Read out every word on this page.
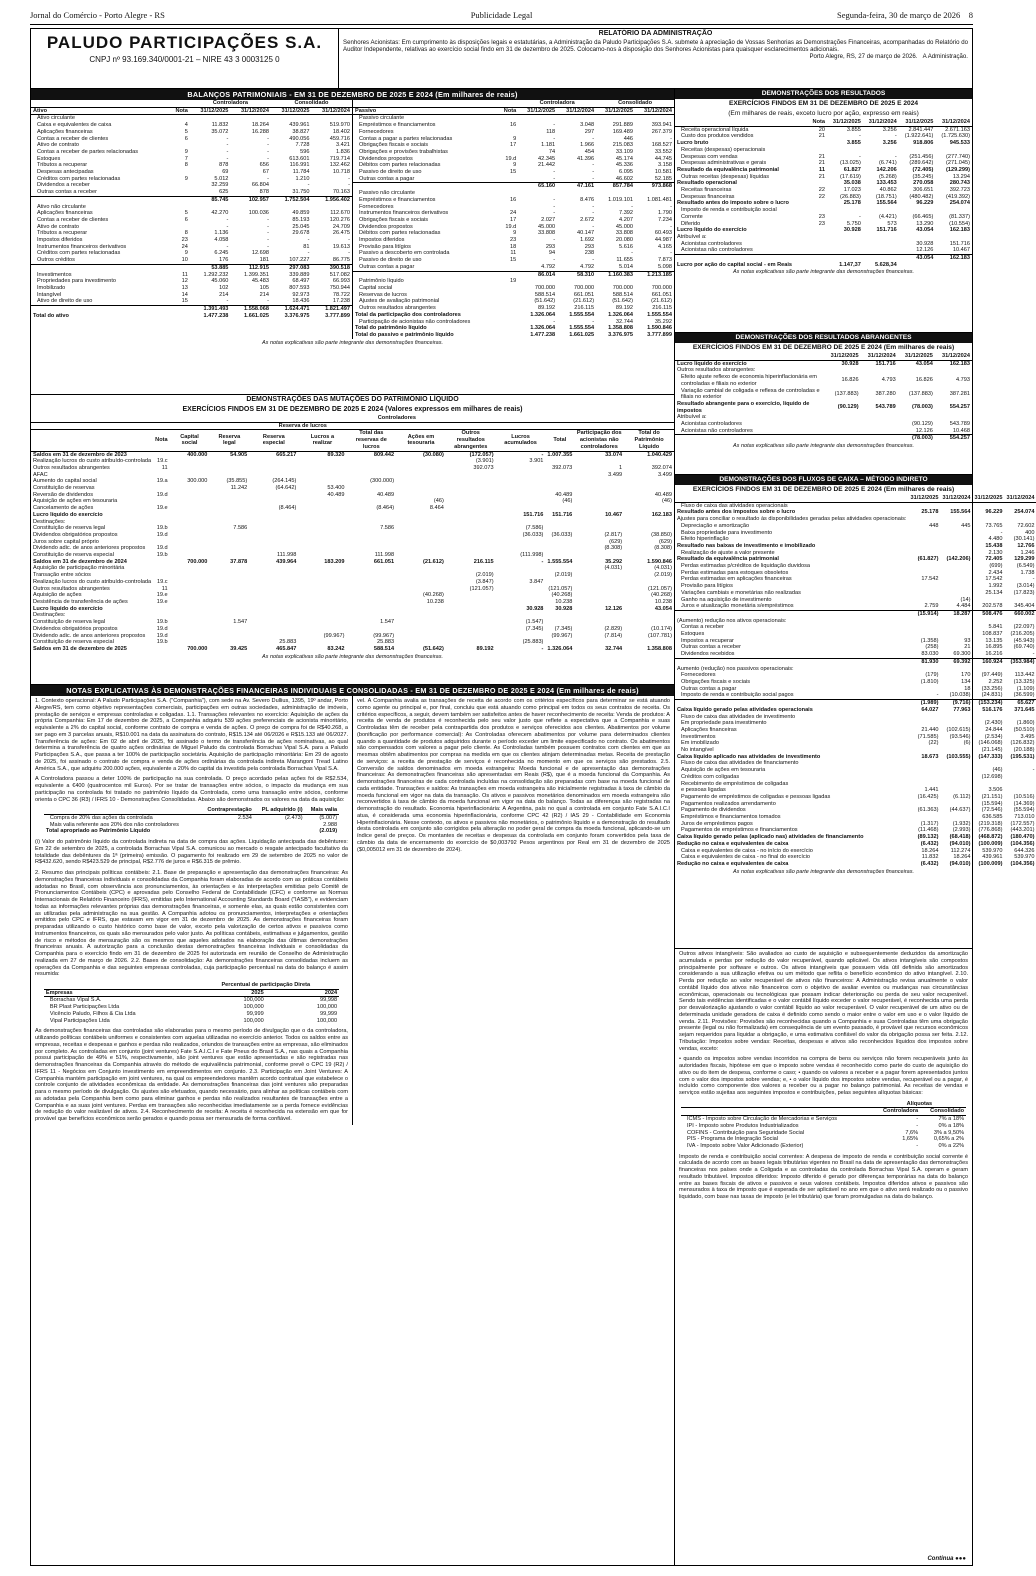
Jornal do Comércio - Porto Alegre - RS	Publicidade Legal	Segunda-feira, 30 de março de 2026 8
PALUDO PARTICIPAÇÕES S.A.
CNPJ nº 93.169.340/0001-21 – NIRE 43 3 0003125 0
RELATÓRIO DA ADMINISTRAÇÃO
Senhores Acionistas: Em cumprimento às disposições legais e estatutárias, a Administração da Paludo Participações S.A. submete à apreciação de Vossas Senhorias as Demonstrações Financeiras, acompanhadas do Relatório do Auditor Independente, relativas ao exercício social findo em 31 de dezembro de 2025. Colocamo-nos à disposição dos Senhores Acionistas para quaisquer esclarecimentos adicionais.
Porto Alegre, RS, 27 de março de 2026. A Administração.
BALANÇOS PATRIMONIAIS - EM 31 DE DEZEMBRO DE 2025 E 2024 (Em milhares de reais)
		Controladora		Consolidado	
Ativo	Nota	31/12/2025	31/12/2024	31/12/2025	31/12/2024
Ativo circulante					
Caixa e equivalentes de caixa	4	11.832	18.264	439.961	519.970
Aplicações financeiras	5	35.072	16.288	38.827	18.402
Contas a receber de clientes	6	-	-	490.056	459.716
Ativo de contrato		-	-	7.728	3.421
Contas a receber de partes relacionadas	9	-	-	596	1.836
Estoques	7	-	-	613.601	719.714
Tributos a recuperar	8	878	656	116.991	132.462
Despesas antecipadas		69	67	11.784	10.718
Créditos com partes relacionadas	9	5.012	-	1.210	-
Dividendos a receber		32.259	66.804	-	-
Outras contas a receber		625	878	31.750	70.163
		85.745	102.957	1.752.504	1.956.402
Ativo não circulante					
Aplicações financeiras	5	42.270	100.036	49.859	112.670
Contas a receber de clientes	6	-	-	85.193	120.276
Ativo de contrato		-	-	25.045	24.709
Tributos a recuperar	8	1.136	-	29.678	26.475
Impostos diferidos	23	4.058	-	-	-
Instrumentos financeiros derivativos	24	-	-	81	19.613
Créditos com partes relacionadas	9	6.245	12.698	-	-
Outros créditos	10	176	181	107.227	86.775
		53.885	112.915	297.083	390.518
Investimentos	11	1.292.232	1.399.351	339.889	517.082
Propriedades para investimento	12	45.060	45.483	68.497	66.993
Imobilizado	13	102	105	807.593	750.944
Intangível	14	214	214	92.973	78.722
Ativo de direito de uso	15	-	-	18.436	17.238
		1.391.493	1.558.068	1.624.471	1.821.497
Total do ativo		1.477.238	1.661.025	3.376.975	3.777.899
		Controladora		Consolidado	
Passivo	Nota	31/12/2025	31/12/2024	31/12/2025	31/12/2024
Passivo circulante					
Empréstimos e financiamentos	16	-	3.048	291.889	393.941
Fornecedores		118	297	169.489	267.379
Contas a pagar a partes relacionadas	9	-	-	446	-
Obrigações fiscais e sociais	17	1.181	1.966	215.083	168.527
Obrigações e provisões trabalhistas		74	454	33.109	33.552
Dividendos propostos	19.d	42.345	41.396	45.174	44.745
Débitos com partes relacionadas	9	21.442	-	45.336	3.158
Passivo de direito de uso	15	-	-	6.095	10.581
Outras contas a pagar		-	-	46.602	52.185
		65.160	47.161	857.784	973.868
Passivo não circulante					
Empréstimos e financiamentos	16	-	8.476	1.019.101	1.081.481
Fornecedores		-	-	-	-
Instrumentos financeiros derivativos	24	-	-	7.392	1.790
Obrigações fiscais e sociais	17	2.027	2.672	4.207	7.234
Dividendos propostos	19.d	45.000	-	45.000	-
Débitos com partes relacionadas	9	33.808	40.147	33.808	60.493
Impostos diferidos	23	-	1.692	20.080	44.987
Provisão para litígios	18	293	293	5.616	4.165
Passivo a descoberto em controlada	11	94	238	-	-
Passivo de direito de uso	15	-	-	11.655	7.873
Outras contas a pagar		4.792	4.792	5.014	5.098
		86.014	58.310	1.160.383	1.213.185
Patrimônio líquido	19				
Capital social		700.000	700.000	700.000	700.000
Reservas de lucros		588.514	661.051	588.514	661.051
Ajustes de avaliação patrimonial		(51.642)	(21.612)	(51.642)	(21.612)
Outros resultados abrangentes		89.192	216.115	89.192	216.115
Total da participação dos controladores		1.326.064	1.555.554	1.326.064	1.555.554
Participação de acionistas não controladores		-	-	32.744	35.292
Total do patrimônio líquido		1.326.064	1.555.554	1.358.808	1.590.846
Total do passivo e patrimônio líquido		1.477.238	1.661.025	3.376.975	3.777.899
As notas explicativas são parte integrante das demonstrações financeiras.
DEMONSTRAÇÕES DOS RESULTADOS
EXERCÍCIOS FINDOS EM 31 DE DEZEMBRO DE 2025 E 2024
(Em milhares de reais, exceto lucro por ação, expresso em reais)
	Nota	31/12/2025	31/12/2024	31/12/2025	31/12/2024
Receita operacional líquida	20	3.855	3.256	2.841.447	2.671.163
Custo dos produtos vendidos	21	-	-	(1.922.641)	(1.725.630)
Lucro bruto		3.855	3.256	918.806	945.533
Receitas (despesas) operacionais					
Despesas com vendas	21	-	-	(251.456)	(277.740)
Despesas administrativas e gerais	21	(13.025)	(6.741)	(289.642)	(271.045)
Resultado da equivalência patrimonial	11	61.827	142.206	(72.405)	(129.299)
Outras receitas (despesas) líquidas	21	(17.619)	(5.268)	(35.245)	13.294
Resultado operacional		35.038	133.453	270.058	280.743
Receitas financeiras	22	17.023	40.862	306.651	392.723
Despesas financeiras	22	(26.883)	(18.751)	(480.482)	(419.392)
Resultado antes do imposto sobre o lucro		25.178	155.564	96.229	254.074
Imposto de renda e contribuição social					
Corrente	23	-	(4.421)	(66.465)	(81.337)
Diferido	23	5.750	573	13.290	(10.554)
Lucro líquido do exercício		30.928	151.716	43.054	162.183
Atribuível a:					
Acionistas controladores				30.928	151.716
Acionistas não controladores				12.126	10.467
				43.054	162.183
Lucro por ação do capital social - em Reais		1.147,37	5.628,34		
As notas explicativas são parte integrante das demonstrações financeiras.
DEMONSTRAÇÕES DOS RESULTADOS ABRANGENTES
EXERCÍCIOS FINDOS EM 31 DE DEZEMBRO DE 2025 E 2024 (Em milhares de reais)
	31/12/2025	31/12/2024	31/12/2025	31/12/2024
Lucro líquido do exercício	30.928	151.716	43.054	162.183
Outros resultados abrangentes:				
Efeito ajuste reflexo de economia hiperinflacionária em controladas e filiais no exterior	16.826	4.793	16.826	4.793
Variação cambial de coligada e reflexa de controladas e filiais no exterior	(137.883)	387.280	(137.883)	387.281
Resultado abrangente para o exercício, líquido de impostos	(90.129)	543.789	(78.003)	554.257
Atribuível a:				
Acionistas controladores			(90.129)	543.789
Acionistas não controladores			12.126	10.468
			(78.003)	554.257
As notas explicativas são parte integrante das demonstrações financeiras.
DEMONSTRAÇÕES DAS MUTAÇÕES DO PATRIMÔNIO LÍQUIDO
EXERCÍCIOS FINDOS EM 31 DE DEZEMBRO DE 2025 E 2024 (Valores expressos em milhares de reais)
		Controladores										
			Reserva de lucros									
	Nota	Capital social	Reserva legal	Reserva especial	Lucros a realizar	Total das reservas de lucros	Ações em tesouraria	Outros resultados abrangentes	Lucros acumulados	Total	Participação dos acionistas não controladores	Total do Patrimônio Líquido
Saldos em 31 de dezembro de 2023		400.000	54.905	665.217	89.320	809.442	(30.080)	(172.057)	-	1.007.355	33.074	1.040.429
Realização lucros do custo atribuído-controlada	19.c							(3.901)	3.901			
Outros resultados abrangentes	11							392.073		392.073	1	392.074
AFAC											3.499	3.499
Aumento do capital social	19.a	300.000	(35.855)	(264.145)		(300.000)						
Constituição de reservas			11.242	(64.642)	53.400							
Reversão de dividendos	19.d				40.489	40.489				40.489		40.489
Aquisição de ações em tesouraria							(46)			(46)		(46)
Cancelamento de ações	19.e			(8.464)		(8.464)	8.464					
Lucro líquido do exercício									151.716	151.716	10.467	162.183
Destinações:												
Constituição de reserva legal	19.b		7.586			7.586			(7.586)			
Dividendos obrigatórios propostos	19.d								(36.033)	(36.033)	(2.817)	(38.850)
Juros sobre capital próprio											(629)	(629)
Dividendo adic. de anos anteriores propostos	19.d										(8.308)	(8.308)
Constituição de reserva especial	19.b			111.998		111.998			(111.998)			
Saldos em 31 de dezembro de 2024		700.000	37.878	439.964	183.209	661.051	(21.612)	216.115	-	1.555.554	35.292	1.590.846
Aquisição de participação minoritária											(4.031)	(4.031)
Transação entre sócios								(2.019)		(2.019)		(2.019)
Realização lucros do custo atribuído-controlada	19.c							(3.847)	3.847			
Outros resultados abrangentes	11							(121.057)		(121.057)		(121.057)
Aquisição de ações	19.e						(40.268)			(40.268)		(40.268)
Desistência de transferência de ações	19.e						10.238			10.238		10.238
Lucro líquido do exercício									30.928	30.928	12.126	43.054
Destinações:												
Constituição de reserva legal	19.b		1.547			1.547			(1.547)			
Dividendos obrigatórios propostos	19.d								(7.345)	(7.345)	(2.829)	(10.174)
Dividendo adic. de anos anteriores propostos	19.d				(99.967)	(99.967)				(99.967)	(7.814)	(107.781)
Constituição de reserva especial	19.b			25.883		25.883			(25.883)			
Saldos em 31 de dezembro de 2025		700.000	39.425	465.847	83.242	588.514	(51.642)	89.192	-	1.326.064	32.744	1.358.808
As notas explicativas são parte integrante das demonstrações financeiras.
DEMONSTRAÇÕES DOS FLUXOS DE CAIXA – MÉTODO INDIRETO
EXERCÍCIOS FINDOS EM 31 DE DEZEMBRO DE 2025 E 2024 (Em milhares de reais)
	31/12/2025	31/12/2024	31/12/2025	31/12/2024
Fluxo de caixa das atividades operacionais				
Resultado antes dos impostos sobre o lucro	25.178	155.564	96.229	254.074
Ajustes para conciliar o resultado às disponibilidades geradas pelas atividades operacionais:				
Depreciação e amortização	448	445	73.765	72.602
Baixa propriedade para investimento			-	400
Efeito hiperinflação			4.480	(30.141)
Resultado nas baixas de investimento e imobilizado			15.438	12.766
Realização de ajuste a valor presente			2.130	1.246
Resultado da equivalência patrimonial	(61.827)	(142.206)	72.405	129.299
Perdas estimadas p/créditos de liquidação duvidosa			(699)	(6.549)
Perdas estimadas para estoques obsoletos			2.434	1.738
Perdas estimadas em aplicações financeiras	17.542		17.542	-
Provisão para litígios			1.992	(3.014)
Variações cambiais e monetárias não realizadas			25.134	(17.823)
Ganho na aquisição de investimento		(14)		
Juros e atualização monetária s/empréstimos	2.759	4.484	202.578	345.404
	(15.914)	18.287	508.476	660.002
(Aumento) redução nos ativos operacionais:				
Contas a receber			5.841	(22.097)
Estoques			108.837	(216.205)
Impostos a recuperar	(1.358)	93	13.135	(45.943)
Outras contas a receber	(258)	21	16.895	(69.740)
Dividendos recebidos	83.030	69.300	16.216	-
	81.930	69.392	160.924	(353.984)
Aumento (redução) nos passivos operacionais:				
Fornecedores	(179)	170	(97.449)	113.442
Obrigações fiscais e sociais	(1.810)	134	2.252	(13.325)
Outras contas a pagar		18	(33.256)	(1.109)
Imposto de renda e contribuição social pagos	-	(10.038)	(24.831)	(36.599)
	(1.989)	(9.716)	(153.234)	65.627
Caixa líquido gerado pelas atividades operacionais	64.027	77.963	516.176	371.645
Fluxo de caixa das atividades de investimento				
Em propriedade para investimento			(2.430)	(1.860)
Aplicações financeiras	21.440	(102.615)	24.844	(50.510)
Investimentos	(71.585)	(93.546)	(2.534)	3.495
Em imobilizado	(22)	(6)	(146.068)	(126.832)
No intangível			(21.145)	(20.188)
Caixa líquido aplicado nas atividades de investimento	18.673	(103.555)	(147.333)	(195.531)
Fluxo de caixa das atividades de financiamento				
Aquisição de ações em tesouraria			(46)	-
Créditos com coligadas			(12.698)	
Recebimento de empréstimos de coligadas				
e pessoas ligadas	1.441		3.506	
Pagamento de empréstimos de coligadas e pessoas ligadas	(16.425)	(6.112)	(21.151)	(10.516)
Pagamentos realizados arrendamento			(15.594)	(14.369)
Pagamento de dividendos	(61.363)	(44.637)	(72.546)	(55.594)
Empréstimos e financiamentos tomados			636.585	713.010
Juros de empréstimos pagos	(1.317)	(1.932)	(219.318)	(172.557)
Pagamentos de empréstimos e financiamentos	(11.468)	(2.993)	(776.868)	(443.201)
Caixa líquido gerado pelas (aplicado nas) atividades de financiamento	(89.132)	(68.418)	(468.872)	(180.470)
Redução no caixa e equivalentes de caixa	(6.432)	(94.010)	(100.009)	(104.356)
Caixa e equivalentes de caixa - no início do exercício	18.264	112.274	539.970	644.326
Caixa e equivalentes de caixa - no final do exercício	11.832	18.264	439.961	539.970
Redução no caixa e equivalentes de caixa	(6.432)	(94.010)	(100.009)	(104.356)
As notas explicativas são parte integrante das demonstrações financeiras.
NOTAS EXPLICATIVAS ÀS DEMONSTRAÇÕES FINANCEIRAS INDIVIDUAIS E CONSOLIDADAS - EM 31 DE DEZEMBRO DE 2025 E 2024 (Em milhares de reais)
1. Contexto operacional: A Paludo Participações S.A. ("Companhia"), com sede na Av. Severo Dullius, 1395, 19º andar, Porto Alegre/RS, tem como objetivo representações comerciais, participações em outras sociedades, administração de imóveis, prestação de serviços e empresas controladas e coligadas. 1.1. Transações relevantes no exercício: Aquisição de ações da própria Companhia: Em 17 de dezembro de 2025, a Companhia adquiriu 539 ações preferenciais de acionista minoritário, equivalente a 2% do capital social, conforme contrato de compra e venda de ações. O preço de compra foi de R$40.268, a ser pago em 3 parcelas anuais, R$10.001 na data da assinatura do contrato, R$15.134 até 06/2026 e R$15.133 até 06/2027. Transferência de ações: Em 02 de abril de 2025, foi assinado o termo de transferência de ações nominativas, ao qual determina a transferência de quatro ações ordinárias de Miguel Paludo da controlada Borrachas Vipal S.A. para a Paludo Participações S.A., que passa a ter 100% de participação societária. Aquisição de participação minoritária: Em 29 de agosto de 2025, foi assinado o contrato de compra e venda de ações ordinárias da controlada indireta Marangoni Tread Latino América S.A., que adquiriu 200.000 ações, equivalente a 20% do capital da investida pela controlada Borrachas Vipal S.A.
A Controladora passou a deter 100% de participação na sua controlada. O preço acordado pelas ações foi de R$2.534, equivalente a €400 (quatrocentos mil Euros). Por se tratar de transações entre sócios, o impacto da mudança em sua participação na controlada foi tratado no patrimônio líquido da Controlada, como uma transação entre sócios, conforme orienta o CPC 36 (R3) / IFRS 10 - Demonstrações Consolidadas. Abaixo são demonstrados os valores na data da aquisição:
	Contraprestação	PL adquirido (i)	Mais valia
Compra de 20% das ações da controlada	2.534	(2.473)	(5.007)
Mais valia referente aos 20% dos não controladores			2.988
Total apropriado ao Patrimônio Líquido			(2.019)
(i) Valor do patrimônio líquido da controlada indireta na data de compra das ações. Liquidação antecipada das debêntures: Em 22 de setembro de 2025, a controlada Borrachas Vipal S.A. comunicou ao mercado o resgate antecipado facultativo da totalidade das debêntures da 1ª (primeira) emissão. O pagamento foi realizado em 29 de setembro de 2025 no valor de R$432.620, sendo R$423.529 de principal, R$2.776 de juros e R$6.315 de prêmio.
2. Resumo das principais políticas contábeis: 2.1. Base de preparação e apresentação das demonstrações financeiras: As demonstrações financeiras individuais e consolidadas da Companhia foram elaboradas de acordo com as práticas contábeis adotadas no Brasil, com observância aos pronunciamentos, às orientações e às interpretações emitidas pelo Comitê de Pronunciamentos Contábeis (CPC) e aprovadas pelo Conselho Federal de Contabilidade (CFC) e conforme as Normas Internacionais de Relatório Financeiro (IFRS), emitidas pelo International Accounting Standards Board ("IASB"), e evidenciam todas as informações relevantes próprias das demonstrações financeiras, e somente elas, as quais estão consistentes com as utilizadas pela administração na sua gestão. A Companhia adotou os pronunciamentos, interpretações e orientações emitidos pelo CPC e IFRS, que estavam em vigor em 31 de dezembro de 2025. As demonstrações financeiras foram preparadas utilizando o custo histórico como base de valor, exceto pela valorização de certos ativos e passivos como instrumentos financeiros, os quais são mensurados pelo valor justo. As políticas contábeis, estimativas e julgamentos, gestão de risco e métodos de mensuração são os mesmos que aqueles adotados na elaboração das últimas demonstrações financeiras anuais. A autorização para a conclusão destas demonstrações financeiras individuais e consolidadas da Companhia para o exercício findo em 31 de dezembro de 2025 foi autorizada em reunião de Conselho de Administração realizada em 27 de março de 2026. 2.2. Bases de consolidação: As demonstrações financeiras consolidadas incluem as operações da Companhia e das seguintes empresas controladas, cuja participação percentual na data do balanço é assim resumida:
	Percentual de participação Direta	
Empresas	2025	2024
Borrachas Vipal S.A.	100,000	99,998
BR Plast Participações Ltda	100,000	100,000
Vicêncio Paludo, Filhos & Cia Ltda	99,999	99,999
Vipal Participações Ltda	100,000	100,000
As demonstrações financeiras das controladas são elaboradas para o mesmo período de divulgação que o da controladora, utilizando políticas contábeis uniformes e consistentes com aquelas utilizadas no exercício anterior. Todos os saldos entre as empresas, receitas e despesas e ganhos e perdas não realizados, oriundos de transações entre as empresas, são eliminados por completo. As controladas em conjunto (joint ventures) Fate S.A.I.C.I e Fate Pneus do Brasil S.A., nas quais a Companhia possui participação de 49% e 51%, respectivamente, são joint ventures que estão apresentadas e são registradas nas demonstrações financeiras da Companhia através do método de equivalência patrimonial, conforme prevê o CPC 19 (R2) / IFRS 11 - Negócios em Conjunto investimento em empreendimentos em conjunto. 2.3. Participação em Joint Ventures: A Companhia mantém participação em joint ventures, na qual os empreendedores mantêm acordo contratual que estabelece o controle conjunto de atividades econômicas da entidade. As demonstrações financeiras das joint ventures são preparadas para o mesmo período de divulgação. Os ajustes são efetuados, quando necessário, para alinhar as políticas contábeis com as adotadas pela Companhia bem como para eliminar ganhos e perdas não realizados resultantes de transações entre a Companhia e as suas joint ventures. Perdas em transações são reconhecidas imediatamente se a perda fornece evidências de redução do valor realizável de ativos. 2.4. Reconhecimento de receita: A receita é reconhecida na extensão em que for provável que benefícios econômicos serão gerados e quando possa ser mensurada de forma confiável.
vel. A Companhia avalia as transações de receita de acordo com os critérios específicos para determinar se está atuando como agente ou principal e, por final, concluiu que está atuando como principal em todos os seus contratos de receita. Os critérios específicos, a seguir, devem também ser satisfeitos antes de haver reconhecimento de receita: Venda de produtos: A receita de venda de produtos é reconhecida pelo seu valor justo que reflete a expectativa que a Companhia e suas Controladas têm de receber pela contrapartida dos produtos e serviços oferecidos aos clientes. Abatimentos por volume (bonificação por performance comercial): As Controladas oferecem abatimentos por volume para determinados clientes quando a quantidade de produtos adquiridos durante o período exceder um limite especificado no contrato. Os abatimentos são compensados com valores a pagar pelo cliente. As Controladas também possuem contratos com clientes em que as mesmas obtêm abatimentos por compras na medida em que os clientes atinjam determinadas metas. Receita de prestação de serviços: a receita de prestação de serviços é reconhecida no momento em que os serviços são prestados. 2.5. Conversão de saldos denominados em moeda estrangeira: Moeda funcional e de apresentação das demonstrações financeiras: As demonstrações financeiras são apresentadas em Reais (R$), que é a moeda funcional da Companhia. As demonstrações financeiras de cada controlada incluídas na consolidação são preparadas com base na moeda funcional de cada entidade. Transações e saldos: As transações em moeda estrangeira são inicialmente registradas à taxa de câmbio da moeda funcional em vigor na data da transação. Os ativos e passivos monetários denominados em moeda estrangeira são reconvertidos à taxa de câmbio da moeda funcional em vigor na data do balanço. Todas as diferenças são registradas na demonstração do resultado. Economia hiperinflacionária: A Argentina, país no qual a controlada em conjunto Fate S.A.I.C.I atua, é considerada uma economia hiperinflacionária, conforme CPC 42 (R2) / IAS 29 - Contabilidade em Economia Hiperinflacionária. Nesse contexto, os ativos e passivos não monetários, o patrimônio líquido e a demonstração do resultado desta controlada em conjunto são corrigidos pela alteração no poder geral de compra da moeda funcional, aplicando-se um índice geral de preços. Os montantes de receitas e despesas da controlada em conjunto foram convertidos pela taxa de câmbio da data de encerramento do exercício de $0,003792 Pesos argentinos por Real em 31 de dezembro de 2025 ($0,005012 em 31 de dezembro de 2024).
Outros ativos intangíveis: São avaliados ao custo de aquisição e subsequentemente deduzidos da amortização acumulada e perdas por redução do valor recuperável, quando aplicável. Os ativos intangíveis são compostos principalmente por software e outros. Os ativos intangíveis que possuem vida útil definida são amortizados considerando a sua utilização efetiva ou um método que reflita o benefício econômico do ativo intangível. 2.10. Perda por redução ao valor recuperável de ativos não financeiros: A Administração revisa anualmente o valor contábil líquido dos ativos não financeiros com o objetivo de avaliar eventos ou mudanças nas circunstâncias econômicas, operacionais ou tecnológicas que possam indicar deterioração ou perda de seu valor recuperável. Sendo tais evidências identificadas e o valor contábil líquido exceder o valor recuperável, é reconhecida uma perda por desvalorização ajustando o valor contábil líquido ao valor recuperável. O valor recuperável de um ativo ou de determinada unidade geradora de caixa é definido como sendo o maior entre o valor em uso e o valor líquido de venda. 2.11. Provisões: Provisões são reconhecidas quando a Companhia e suas Controladas têm uma obrigação presente (legal ou não formalizada) em consequência de um evento passado, é provável que recursos econômicos sejam requeridos para liquidar a obrigação, e uma estimativa confiável do valor da obrigação possa ser feita. 2.12. Tributação: Impostos sobre vendas: Receitas, despesas e ativos são reconhecidos líquidos dos impostos sobre vendas, exceto:
• quando os impostos sobre vendas incorridos na compra de bens ou serviços não forem recuperáveis junto às autoridades fiscais, hipótese em que o imposto sobre vendas é reconhecido como parte do custo de aquisição do ativo ou do item de despesa, conforme o caso; • quando os valores a receber e a pagar forem apresentados juntos com o valor dos impostos sobre vendas; e, • o valor líquido dos impostos sobre vendas, recuperável ou a pagar, é incluído como componente dos valores a receber ou a pagar no balanço patrimonial. As receitas de vendas e serviços estão sujeitas aos seguintes impostos e contribuições, pelas seguintes alíquotas básicas:
	Alíquotas	
	Controladora	Consolidado
ICMS - Imposto sobre Circulação de Mercadorias e Serviços	-	7% a 18%
IPI - Imposto sobre Produtos Industrializados	-	0% a 18%
COFINS - Contribuição para Seguridade Social	7,6%	3% a 9,50%
PIS - Programa de Integração Social	1,65%	0,65% a 2%
IVA - Imposto sobre Valor Adicionado (Exterior)	-	0% a 22%
Imposto de renda e contribuição social correntes: A despesa de imposto de renda e contribuição social corrente é calculada de acordo com as bases legais tributárias vigentes no Brasil na data de apresentação das demonstrações financeiras nos países onde a Coligada e as controladas da controlada Borrachas Vipal S.A. operam e geram resultado tributável. Impostos diferidos: Imposto diferido é gerado por diferenças temporárias na data do balanço entre as bases fiscais de ativos e passivos e seus valores contábeis. Impostos diferidos ativos e passivos são mensurados à taxa de imposto que é esperada de ser aplicável no ano em que o ativo será realizado ou o passivo liquidado, com base nas taxas de imposto (e lei tributária) que foram promulgadas na data do balanço.
Continua ●●●
